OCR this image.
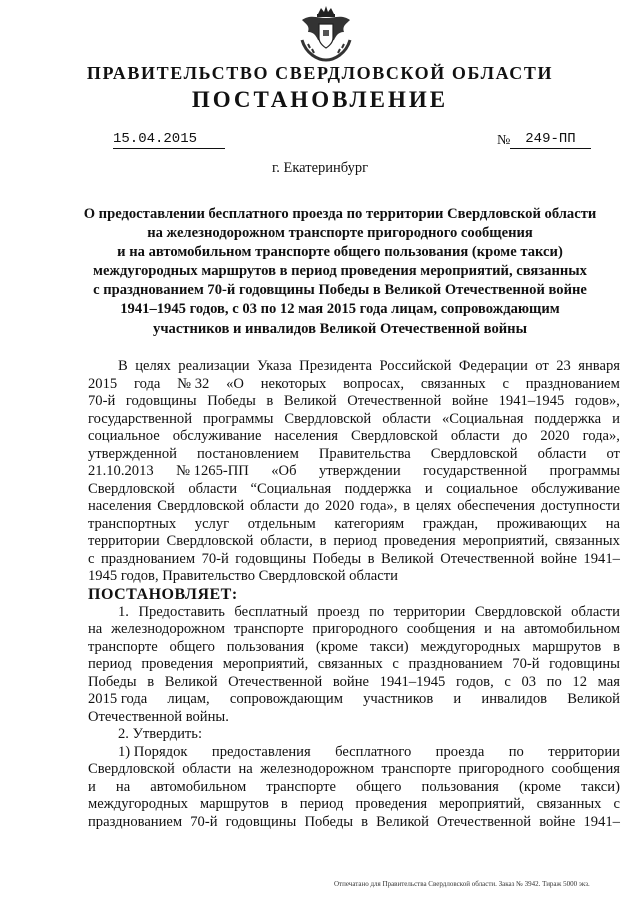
ПРАВИТЕЛЬСТВО СВЕРДЛОВСКОЙ ОБЛАСТИ
ПОСТАНОВЛЕНИЕ
15.04.2015	№	249-ПП
г. Екатеринбург
О предоставлении бесплатного проезда по территории Свердловской области
на железнодорожном транспорте пригородного сообщения
и на автомобильном транспорте общего пользования (кроме такси)
междугородных маршрутов в период проведения мероприятий, связанных
с празднованием 70-й годовщины Победы в Великой Отечественной войне
1941–1945 годов, с 03 по 12 мая 2015 года лицам, сопровождающим
участников и инвалидов Великой Отечественной войны
В целях реализации Указа Президента Российской Федерации от 23 января
2015 года № 32 «О некоторых вопросах, связанных с празднованием
70-й годовщины Победы в Великой Отечественной войне 1941–1945 годов»,
государственной программы Свердловской области «Социальная поддержка и
социальное обслуживание населения Свердловской области до 2020 года»,
утвержденной постановлением Правительства Свердловской области от
21.10.2013 № 1265-ПП «Об утверждении государственной программы
Свердловской области “Социальная поддержка и социальное обслуживание
населения Свердловской области до 2020 года», в целях обеспечения доступности
транспортных услуг отдельным категориям граждан, проживающих на
территории Свердловской области, в период проведения мероприятий, связанных
с празднованием 70-й годовщины Победы в Великой Отечественной войне 1941–
1945 годов, Правительство Свердловской области
ПОСТАНОВЛЯЕТ:
1. Предоставить бесплатный проезд по территории Свердловской области
на железнодорожном транспорте пригородного сообщения и на автомобильном
транспорте общего пользования (кроме такси) междугородных маршрутов в
период проведения мероприятий, связанных с празднованием 70-й годовщины
Победы в Великой Отечественной войне 1941–1945 годов, с 03 по 12 мая
2015 года лицам, сопровождающим участников и инвалидов Великой
Отечественной войны.
2. Утвердить:
1) Порядок предоставления бесплатного проезда по территории
Свердловской области на железнодорожном транспорте пригородного сообщения
и на автомобильном транспорте общего пользования (кроме такси)
междугородных маршрутов в период проведения мероприятий, связанных с
празднованием 70-й годовщины Победы в Великой Отечественной войне 1941–
Отпечатано для Правительства Свердловской области. Заказ № 3942. Тираж 5000 экз.
